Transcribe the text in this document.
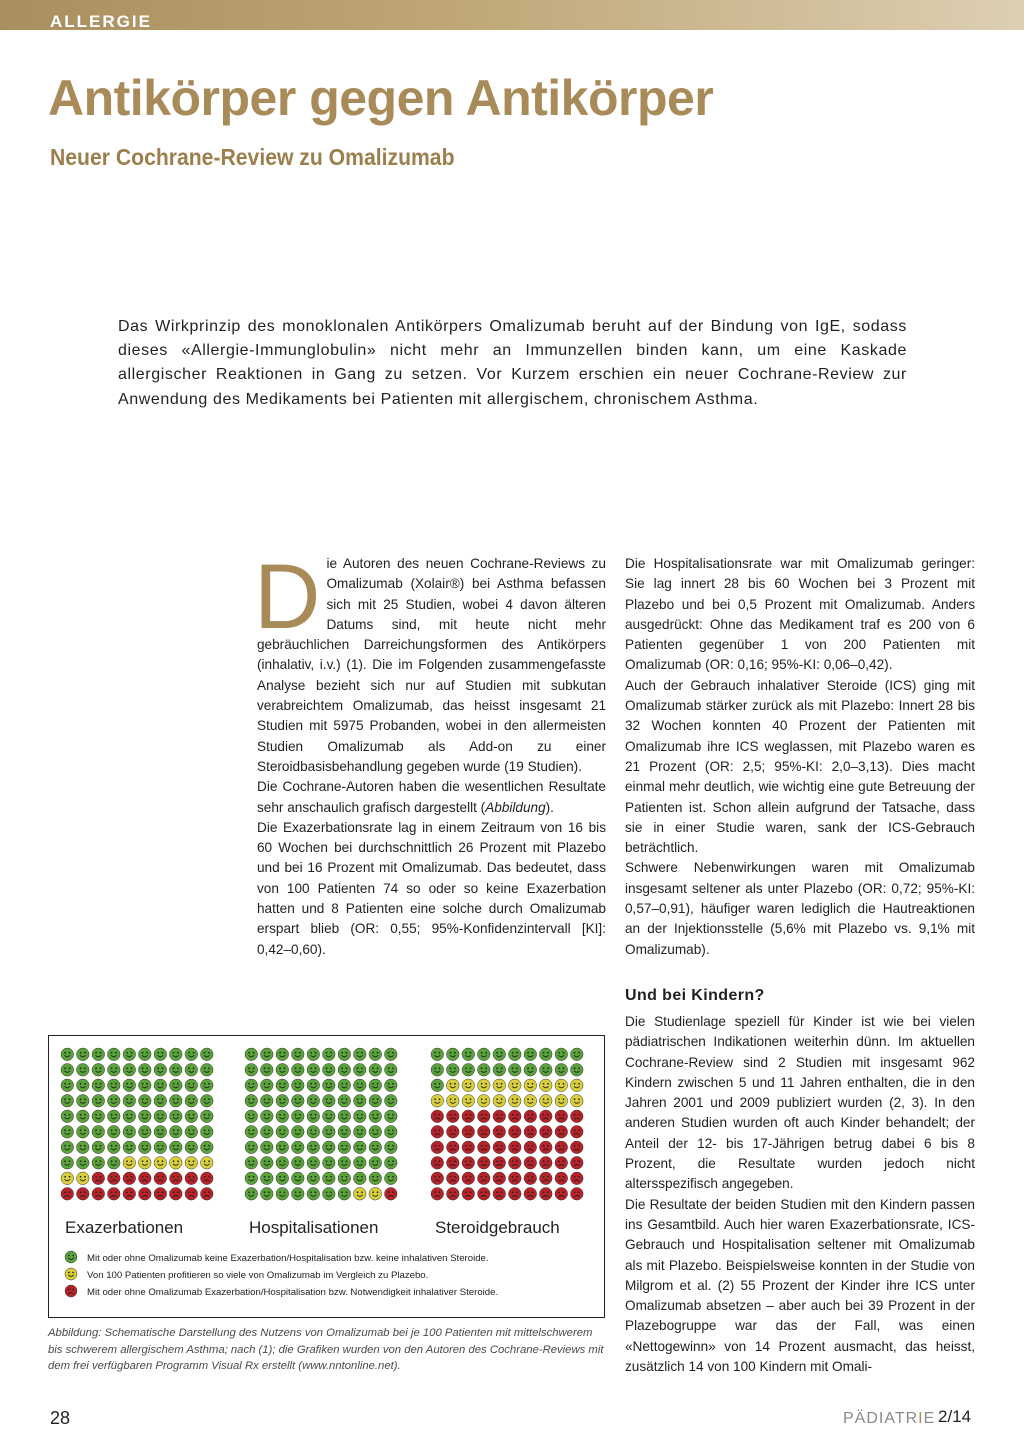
ALLERGIE
Antikörper gegen Antikörper
Neuer Cochrane-Review zu Omalizumab

Das Wirkprinzip des monoklonalen Antikörpers Omalizumab beruht auf der Bindung von IgE, sodass dieses «Allergie-Immunglobulin» nicht mehr an Immunzellen binden kann, um eine Kaskade allergischer Reaktionen in Gang zu setzen. Vor Kurzem erschien ein neuer Cochrane-Review zur Anwendung des Medikaments bei Patienten mit allergischem, chronischem Asthma.

D ie Autoren des neuen Cochrane-Reviews zu Omalizumab (Xolair®) bei Asthma befassen sich mit 25 Studien, wobei 4 davon älteren Datums sind, mit heute nicht mehr gebräuchlichen Darreichungsformen des Antikörpers (inhalativ, i.v.) (1). Die im Folgenden zusammengefasste Analyse bezieht sich nur auf Studien mit subkutan verabreichtem Omalizumab, das heisst insgesamt 21 Studien mit 5975 Probanden, wobei in den allermeisten Studien Omalizumab als Add-on zu einer Steroidbasisbehandlung gegeben wurde (19 Studien).

Die Cochrane-Autoren haben die wesentlichen Resultate sehr anschaulich grafisch dargestellt (Abbildung).

Die Exazerbationsrate lag in einem Zeitraum von 16 bis 60 Wochen bei durchschnittlich 26 Prozent mit Plazebo und bei 16 Prozent mit Omalizumab. Das bedeutet, dass von 100 Patienten 74 so oder so keine Exazerbation hatten und 8 Patienten eine solche durch Omalizumab erspart blieb (OR: 0,55; 95%-Konfidenzintervall [KI]: 0,42–0,60).

Die Hospitalisationsrate war mit Omalizumab geringer: Sie lag innert 28 bis 60 Wochen bei 3 Prozent mit Plazebo und bei 0,5 Prozent mit Omalizumab. Anders ausgedrückt: Ohne das Medikament traf es 200 von 6 Patienten gegenüber 1 von 200 Patienten mit Omalizumab (OR: 0,16; 95%-KI: 0,06–0,42).

Auch der Gebrauch inhalativer Steroide (ICS) ging mit Omalizumab stärker zurück als mit Plazebo: Innert 28 bis 32 Wochen konnten 40 Prozent der Patienten mit Omalizumab ihre ICS weglassen, mit Plazebo waren es 21 Prozent (OR: 2,5; 95%-KI: 2,0–3,13). Dies macht einmal mehr deutlich, wie wichtig eine gute Betreuung der Patienten ist. Schon allein aufgrund der Tatsache, dass sie in einer Studie waren, sank der ICS-Gebrauch beträchtlich.

Schwere Nebenwirkungen waren mit Omalizumab insgesamt seltener als unter Plazebo (OR: 0,72; 95%-KI: 0,57–0,91), häufiger waren lediglich die Hautreaktionen an der Injektionsstelle (5,6% mit Plazebo vs. 9,1% mit Omalizumab).

Und bei Kindern?

Die Studienlage speziell für Kinder ist wie bei vielen pädiatrischen Indikationen weiterhin dünn. Im aktuellen Cochrane-Review sind 2 Studien mit insgesamt 962 Kindern zwischen 5 und 11 Jahren enthalten, die in den Jahren 2001 und 2009 publiziert wurden (2, 3). In den anderen Studien wurden oft auch Kinder behandelt; der Anteil der 12- bis 17-Jährigen betrug dabei 6 bis 8 Prozent, die Resultate wurden jedoch nicht altersspezifisch angegeben.

Die Resultate der beiden Studien mit den Kindern passen ins Gesamtbild. Auch hier waren Exazerbationsrate, ICS-Gebrauch und Hospitalisation seltener mit Omalizumab als mit Plazebo. Beispielsweise konnten in der Studie von Milgrom et al. (2) 55 Prozent der Kinder ihre ICS unter Omalizumab absetzen – aber auch bei 39 Prozent in der Plazebogruppe war das der Fall, was einen «Nettogewinn» von 14 Prozent ausmacht, das heisst, zusätzlich 14 von 100 Kindern mit Omali-

Exazerbationen	Hospitalisationen	Steroidgebrauch
Mit oder ohne Omalizumab keine Exazerbation/Hospitalisation bzw. keine inhalativen Steroide.
Von 100 Patienten profitieren so viele von Omalizumab im Vergleich zu Plazebo.
Mit oder ohne Omalizumab Exazerbation/Hospitalisation bzw. Notwendigkeit inhalativer Steroide.

Abbildung: Schematische Darstellung des Nutzens von Omalizumab bei je 100 Patienten mit mittelschwerem bis schwerem allergischem Asthma; nach (1); die Grafiken wurden von den Autoren des Cochrane-Reviews mit dem frei verfügbaren Programm Visual Rx erstellt (www.nntonline.net).

28	PÄDIATRIE 2/14
